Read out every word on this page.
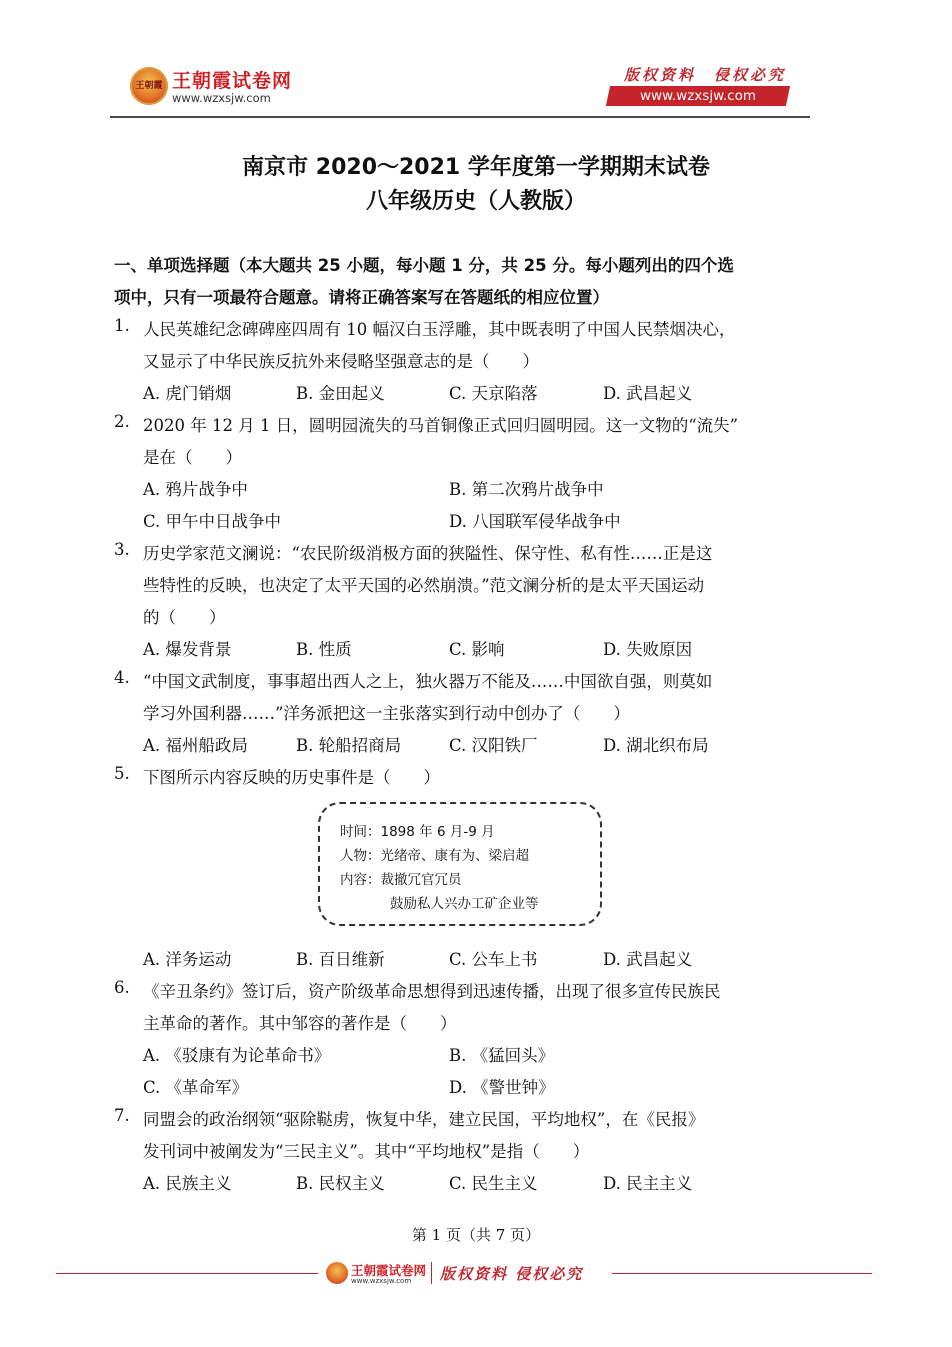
王朝霞 王朝霞试卷网
www.wzxsjw.com
版权资料　侵权必究
www.wzxsjw.com
南京市 2020～2021 学年度第一学期期末试卷
八年级历史（人教版）
一、单项选择题（本大题共 25 小题，每小题 1 分，共 25 分。每小题列出的四个选
项中，只有一项最符合题意。请将正确答案写在答题纸的相应位置）
1. 人民英雄纪念碑碑座四周有 10 幅汉白玉浮雕，其中既表明了中国人民禁烟决心，
又显示了中华民族反抗外来侵略坚强意志的是（　　）
A. 虎门销烟	B. 金田起义	C. 天京陷落	D. 武昌起义
2. 2020 年 12 月 1 日，圆明园流失的马首铜像正式回归圆明园。这一文物的“流失”
是在（　　）
A. 鸦片战争中	B. 第二次鸦片战争中
C. 甲午中日战争中	D. 八国联军侵华战争中
3. 历史学家范文澜说：“农民阶级消极方面的狭隘性、保守性、私有性……正是这
些特性的反映，也决定了太平天国的必然崩溃。”范文澜分析的是太平天国运动
的（　　）
A. 爆发背景	B. 性质	C. 影响	D. 失败原因
4. “中国文武制度，事事超出西人之上，独火器万不能及……中国欲自强，则莫如
学习外国利器……”洋务派把这一主张落实到行动中创办了（　　）
A. 福州船政局	B. 轮船招商局	C. 汉阳铁厂	D. 湖北织布局
5. 下图所示内容反映的历史事件是（　　）
时间：1898 年 6 月-9 月
人物：光绪帝、康有为、梁启超
内容：裁撤冗官冗员
鼓励私人兴办工矿企业等
A. 洋务运动	B. 百日维新	C. 公车上书	D. 武昌起义
6. 《辛丑条约》签订后，资产阶级革命思想得到迅速传播，出现了很多宣传民族民
主革命的著作。其中邹容的著作是（　　）
A. 《驳康有为论革命书》	B. 《猛回头》
C. 《革命军》	D. 《警世钟》
7. 同盟会的政治纲领“驱除鞑虏，恢复中华，建立民国，平均地权”，在《民报》
发刊词中被阐发为“三民主义”。其中“平均地权”是指（　　）
A. 民族主义	B. 民权主义	C. 民生主义	D. 民主主义
第 1 页（共 7 页）
王朝霞试卷网
www.wzxsjw.com 版权资料 侵权必究
